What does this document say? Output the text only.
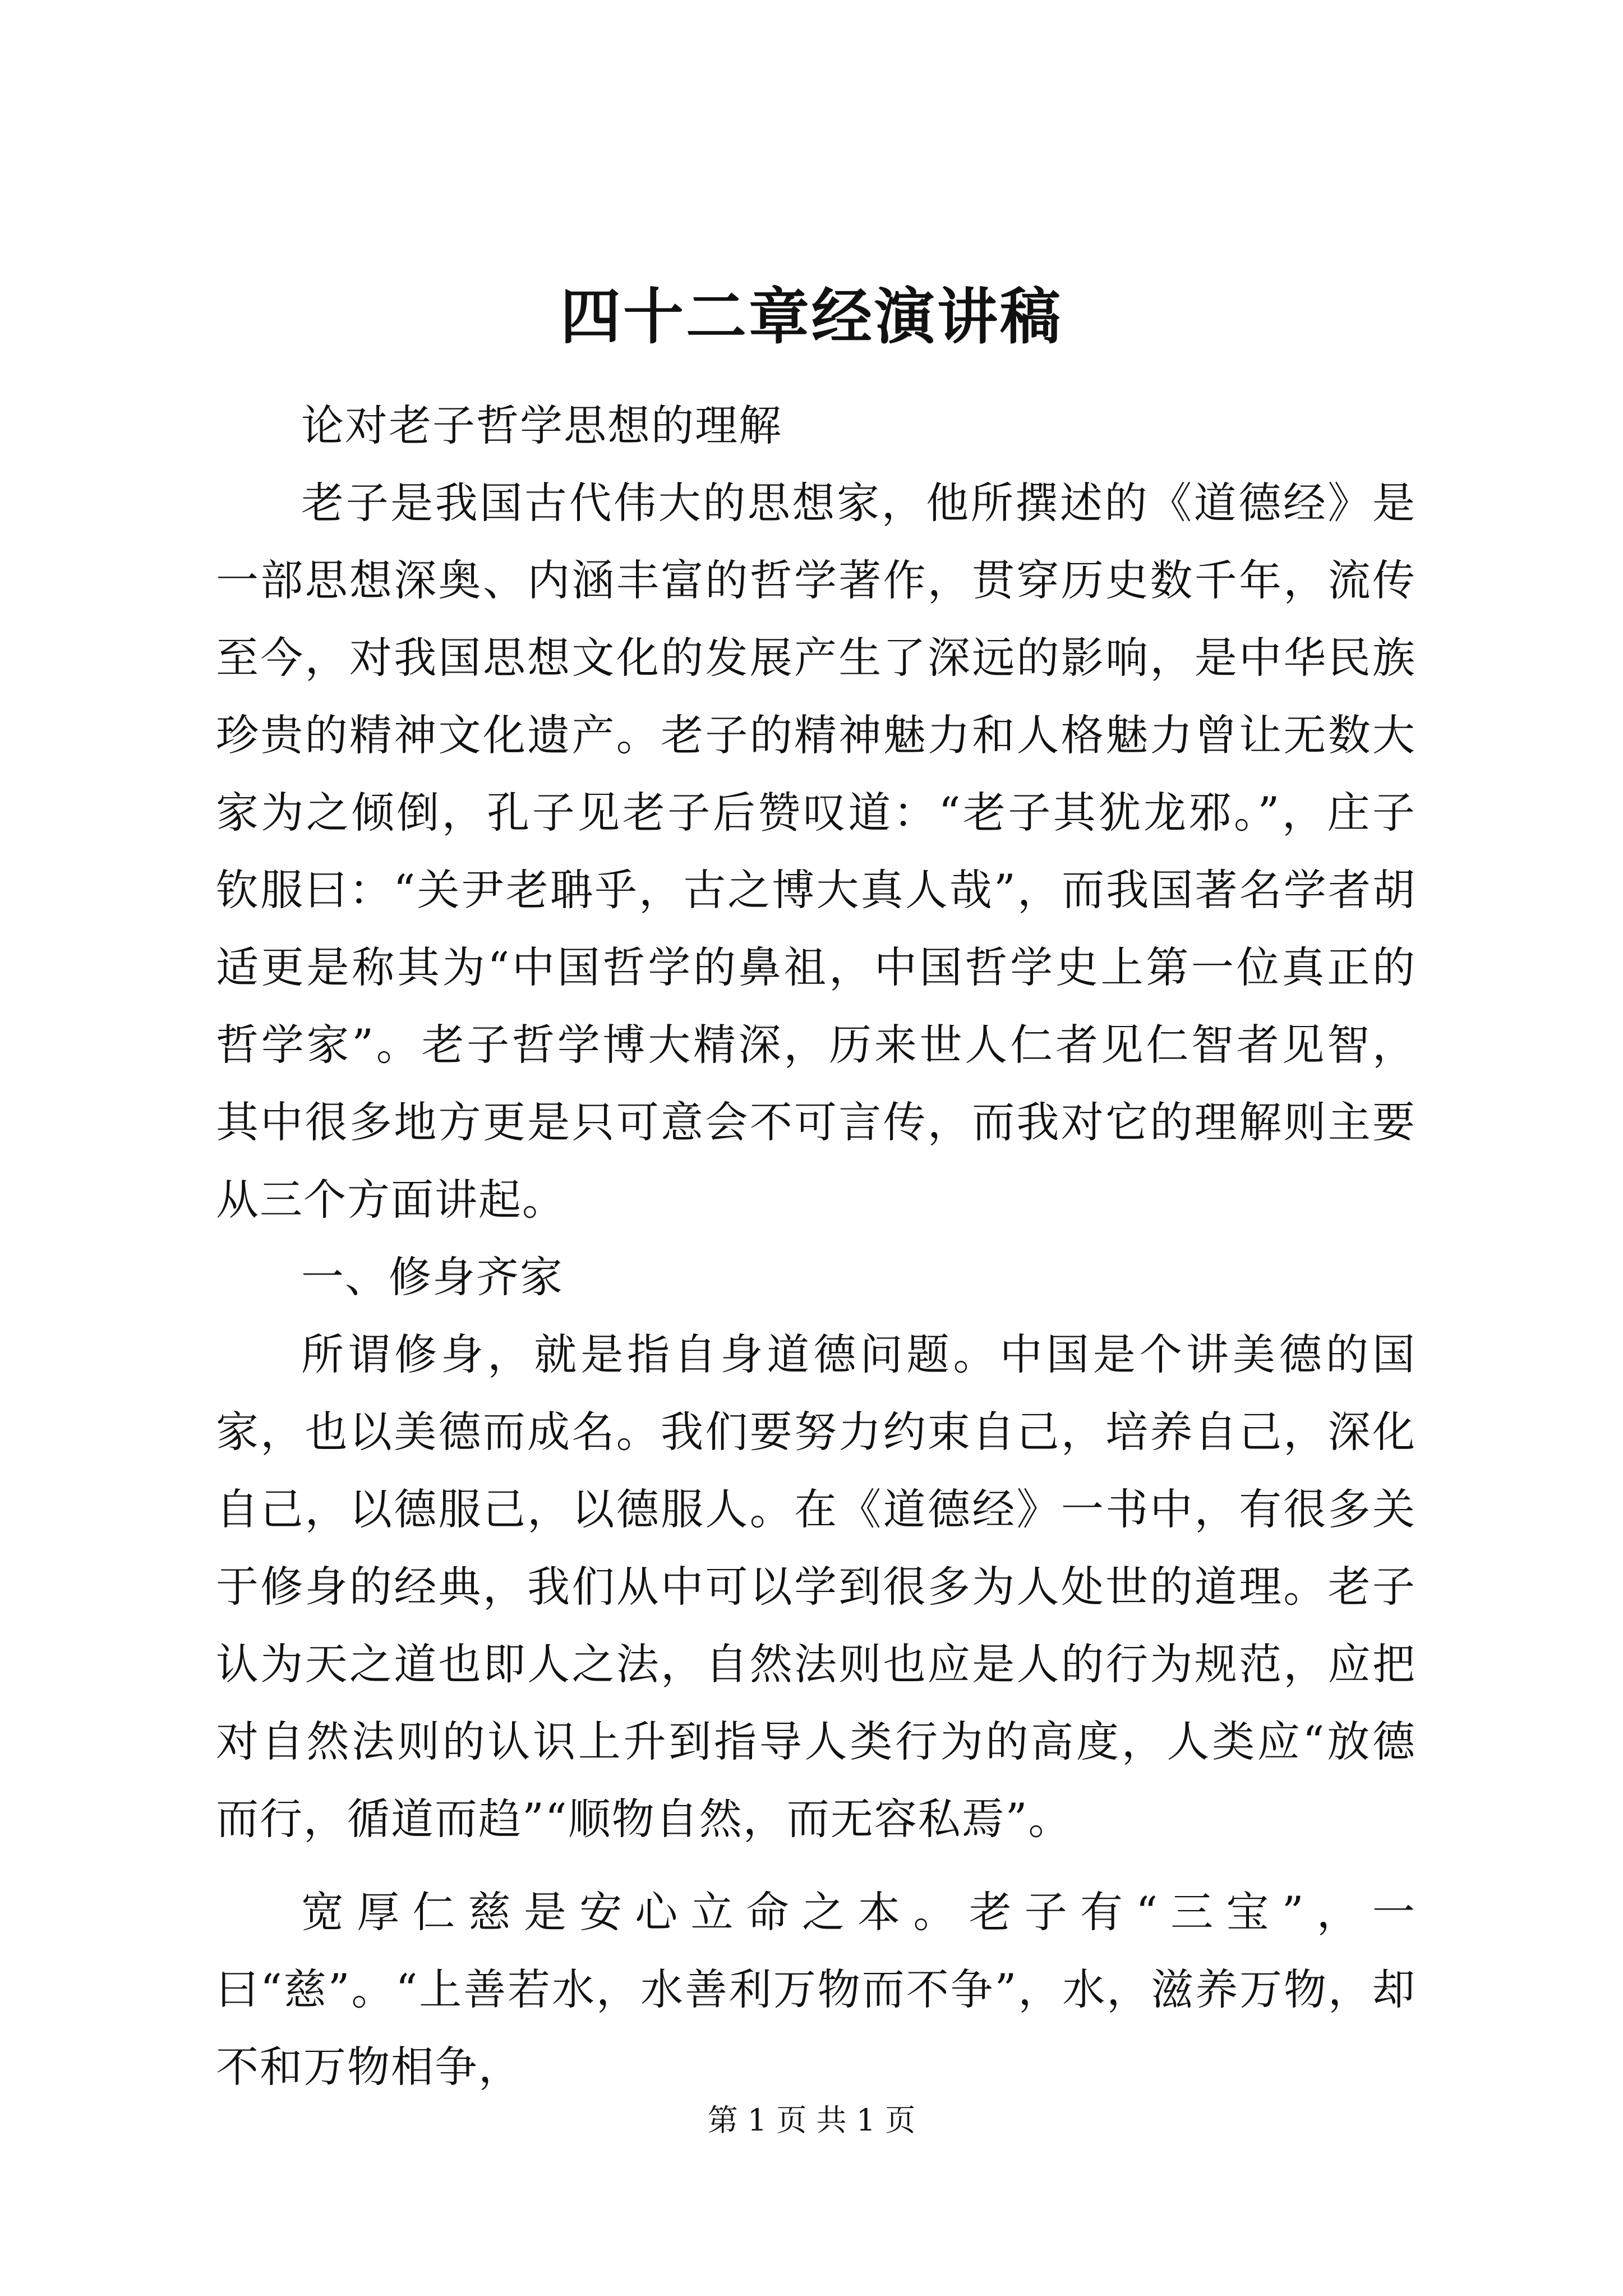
四十二章经演讲稿

论对老子哲学思想的理解

老子是我国古代伟大的思想家，他所撰述的《道德经》是一部思想深奥、内涵丰富的哲学著作，贯穿历史数千年，流传至今，对我国思想文化的发展产生了深远的影响，是中华民族珍贵的精神文化遗产。老子的精神魅力和人格魅力曾让无数大家为之倾倒，孔子见老子后赞叹道：“老子其犹龙邪。”，庄子钦服曰：“关尹老聃乎，古之博大真人哉”，而我国著名学者胡适更是称其为“中国哲学的鼻祖，中国哲学史上第一位真正的哲学家”。老子哲学博大精深，历来世人仁者见仁智者见智，其中很多地方更是只可意会不可言传，而我对它的理解则主要从三个方面讲起。

一、修身齐家

所谓修身，就是指自身道德问题。中国是个讲美德的国家，也以美德而成名。我们要努力约束自己，培养自己，深化自己，以德服己，以德服人。在《道德经》一书中，有很多关于修身的经典，我们从中可以学到很多为人处世的道理。老子认为天之道也即人之法，自然法则也应是人的行为规范，应把对自然法则的认识上升到指导人类行为的高度，人类应“放德而行，循道而趋”“顺物自然，而无容私焉”。

宽厚仁慈是安心立命之本。老子有“三宝”，一曰“慈”。“上善若水，水善利万物而不争”，水，滋养万物，却不和万物相争，

第 1 页 共 1 页
